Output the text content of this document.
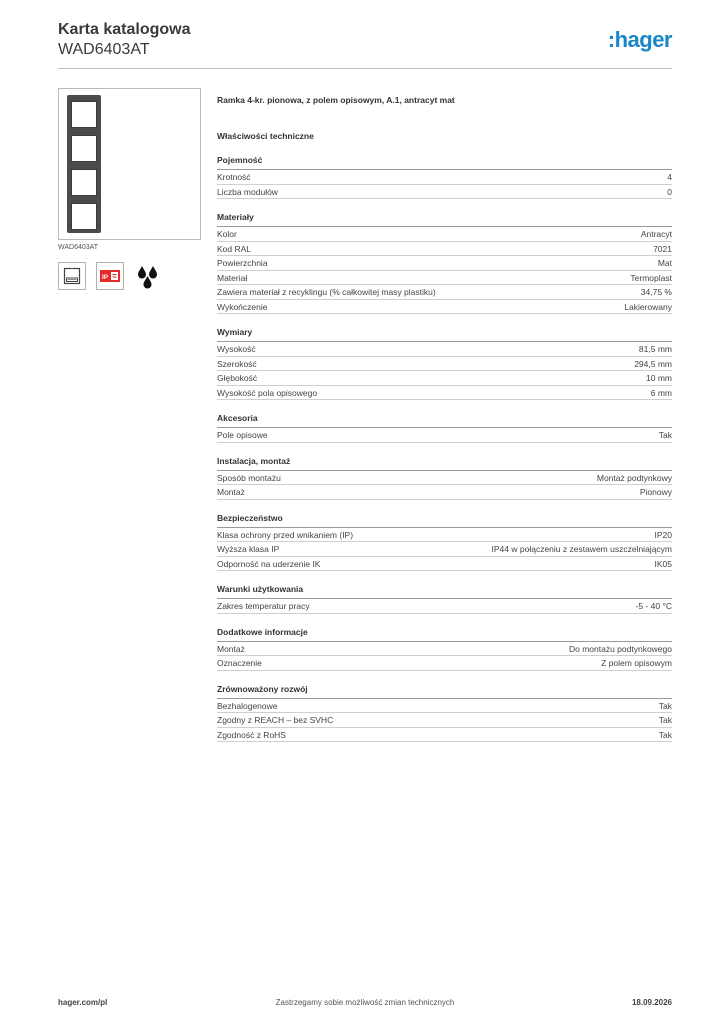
Karta katalogowa
WAD6403AT	:hager
WAD6403AT
IP
Ramka 4-kr. pionowa, z polem opisowym, A.1, antracyt mat
Właściwości techniczne
Pojemność
Krotność	4
Liczba modułów	0
Materiały
Kolor	Antracyt
Kod RAL	7021
Powierzchnia	Mat
Materiał	Termoplast
Zawiera materiał z recyklingu (% całkowitej masy plastiku)	34,75 %
Wykończenie	Lakierowany
Wymiary
Wysokość	81,5 mm
Szerokość	294,5 mm
Głębokość	10 mm
Wysokość pola opisowego	6 mm
Akcesoria
Pole opisowe	Tak
Instalacja, montaż
Sposób montażu	Montaż podtynkowy
Montaż	Pionowy
Bezpieczeństwo
Klasa ochrony przed wnikaniem (IP)	IP20
Wyższa klasa IP	IP44 w połączeniu z zestawem uszczelniającym
Odporność na uderzenie IK	IK05
Warunki użytkowania
Zakres temperatur pracy	-5 - 40 °C
Dodatkowe informacje
Montaż	Do montażu podtynkowego
Oznaczenie	Z polem opisowym
Zrównoważony rozwój
Bezhalogenowe	Tak
Zgodny z REACH – bez SVHC	Tak
Zgodność z RoHS	Tak
hager.com/pl	Zastrzegamy sobie możliwość zmian technicznych	18.09.2026
